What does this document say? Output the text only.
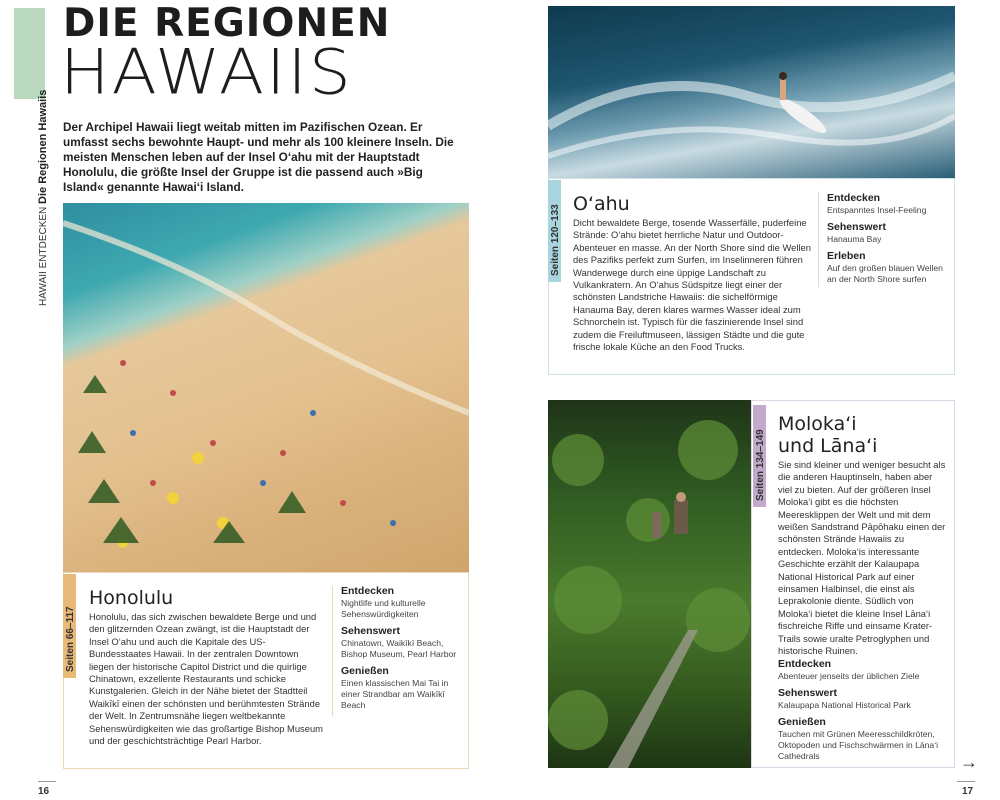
DIE REGIONEN
HAWAIIS
HAWAII ENTDECKEN Die Regionen Hawaiis Der Archipel Hawaii liegt weitab mitten im Pazifischen Ozean. Er umfasst sechs bewohnte Haupt- und mehr als 100 kleinere Inseln. Die meisten Menschen leben auf der Insel Oʻahu mit der Hauptstadt Honolulu, die größte Insel der Gruppe ist die passend auch »Big Island« genannte Hawaiʻi Island.
Seiten 66–117
Honolulu
Honolulu, das sich zwischen bewaldete Berge und und den glitzernden Ozean zwängt, ist die Hauptstadt der Insel Oʻahu und auch die Kapitale des US-Bundesstaates Hawaii. In der zentralen Downtown liegen der historische Capitol District und die quirlige Chinatown, exzellente Restaurants und schicke Kunstgalerien. Gleich in der Nähe bietet der Stadtteil Waikīkī einen der schönsten und berühmtesten Strände der Welt. In Zentrumsnähe liegen weltbekannte Sehenswürdigkeiten wie das großartige Bishop Museum und der geschichtsträchtige Pearl Harbor.
Entdecken
Nightlife und kulturelle Sehenswürdigkeiten
Sehenswert
Chinatown, Waikīkī Beach, Bishop Museum, Pearl Harbor
Genießen
Einen klassischen Mai Tai in einer Strandbar am Waikīkī Beach
Seiten 120–133
Oʻahu
Dicht bewaldete Berge, tosende Wasserfälle, puderfeine Strände: Oʻahu bietet herrliche Natur und Outdoor-Abenteuer en masse. An der North Shore sind die Wellen des Pazifiks perfekt zum Surfen, im Inselinneren führen Wanderwege durch eine üppige Landschaft zu Vulkankratern. An Oʻahus Südspitze liegt einer der schönsten Landstriche Hawaiis: die sichelförmige Hanauma Bay, deren klares warmes Wasser ideal zum Schnorcheln ist. Typisch für die faszinierende Insel sind zudem die Freiluftmuseen, lässigen Städte und die gute frische lokale Küche an den Food Trucks.
Entdecken
Entspanntes Insel-Feeling
Sehenswert
Hanauma Bay
Erleben
Auf den großen blauen Wellen an der North Shore surfen
Seiten 134–149
Molokaʻi
und Lānaʻi
Sie sind kleiner und weniger besucht als die anderen Hauptinseln, haben aber viel zu bieten. Auf der größeren Insel Molokaʻi gibt es die höchsten Meeresklippen der Welt und mit dem weißen Sandstrand Pāpōhaku einen der schönsten Strände Hawaiis zu entdecken. Molokaʻis interessante Geschichte erzählt der Kalaupapa National Historical Park auf einer einsamen Halbinsel, die einst als Leprakolonie diente. Südlich von Molokaʻi bietet die kleine Insel Lānaʻi fischreiche Riffe und einsame Krater-Trails sowie uralte Petroglyphen und historische Ruinen.
Entdecken
Abenteuer jenseits der üblichen Ziele
Sehenswert
Kalaupapa National Historical Park
Genießen
Tauchen mit Grünen Meeresschildkröten, Oktopoden und Fischschwärmen in Lānaʻi Cathedrals
16	17
→
